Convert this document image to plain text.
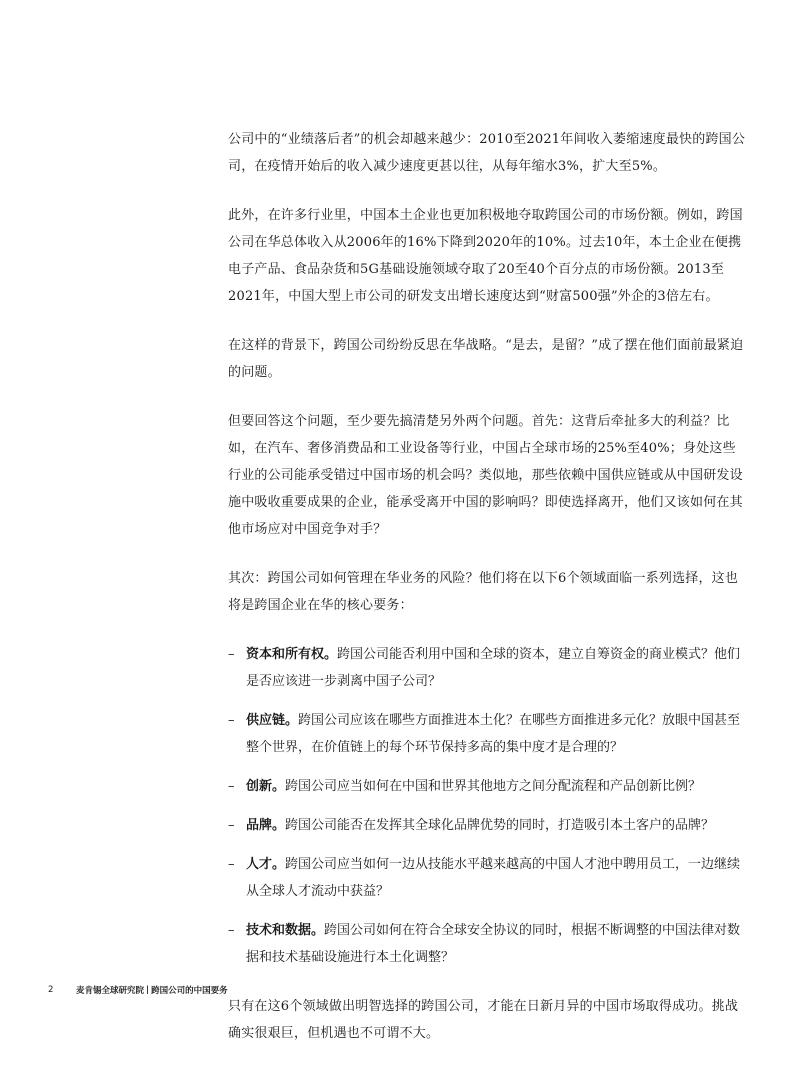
公司中的“业绩落后者”的机会却越来越少：2010至2021年间收入萎缩速度最快的跨国公司，在疫情开始后的收入减少速度更甚以往，从每年缩水3%，扩大至5%。

此外，在许多行业里，中国本土企业也更加积极地夺取跨国公司的市场份额。例如，跨国公司在华总体收入从2006年的16%下降到2020年的10%。过去10年，本土企业在便携电子产品、食品杂货和5G基础设施领域夺取了20至40个百分点的市场份额。2013至2021年，中国大型上市公司的研发支出增长速度达到“财富500强”外企的3倍左右。

在这样的背景下，跨国公司纷纷反思在华战略。“是去，是留？”成了摆在他们面前最紧迫的问题。

但要回答这个问题，至少要先搞清楚另外两个问题。首先：这背后牵扯多大的利益？比如，在汽车、奢侈消费品和工业设备等行业，中国占全球市场的25%至40%；身处这些行业的公司能承受错过中国市场的机会吗？类似地，那些依赖中国供应链或从中国研发设施中吸收重要成果的企业，能承受离开中国的影响吗？即使选择离开，他们又该如何在其他市场应对中国竞争对手？

其次：跨国公司如何管理在华业务的风险？他们将在以下6个领域面临一系列选择，这也将是跨国企业在华的核心要务：

– 资本和所有权。跨国公司能否利用中国和全球的资本，建立自筹资金的商业模式？他们是否应该进一步剥离中国子公司？
– 供应链。跨国公司应该在哪些方面推进本土化？在哪些方面推进多元化？放眼中国甚至整个世界，在价值链上的每个环节保持多高的集中度才是合理的？
– 创新。跨国公司应当如何在中国和世界其他地方之间分配流程和产品创新比例？
– 品牌。跨国公司能否在发挥其全球化品牌优势的同时，打造吸引本土客户的品牌？
– 人才。跨国公司应当如何一边从技能水平越来越高的中国人才池中聘用员工，一边继续从全球人才流动中获益？
– 技术和数据。跨国公司如何在符合全球安全协议的同时，根据不断调整的中国法律对数据和技术基础设施进行本土化调整？

只有在这6个领域做出明智选择的跨国公司，才能在日新月异的中国市场取得成功。挑战确实很艰巨，但机遇也不可谓不大。

2	麦肯锡全球研究院 | 跨国公司的中国要务
